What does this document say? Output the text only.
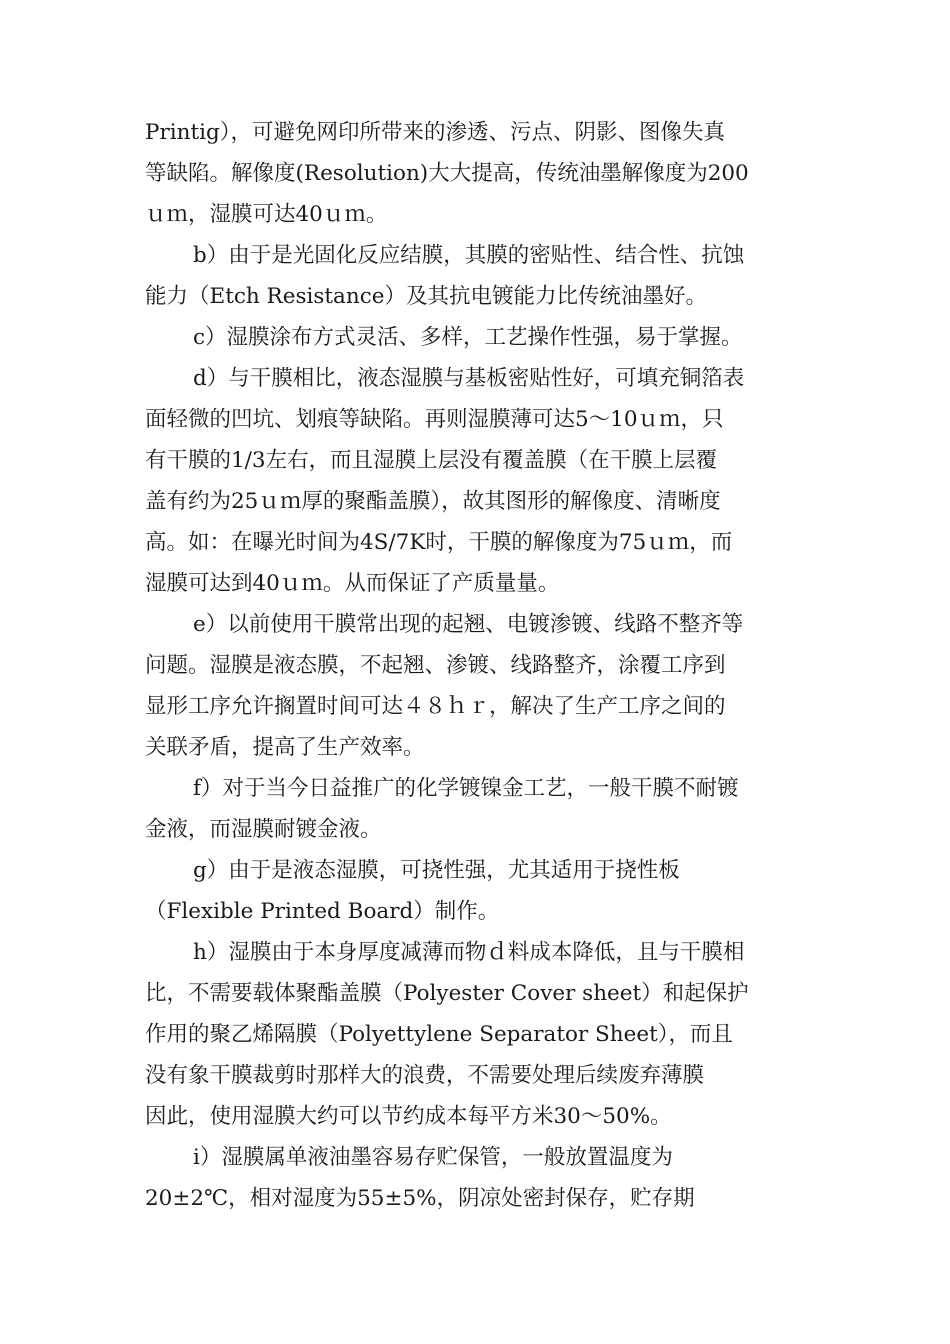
Printig），可避免网印所带来的渗透、污点、阴影、图像失真
等缺陷。解像度(Resolution)大大提高，传统油墨解像度为200
ｕｍ，湿膜可达40ｕｍ。
b）由于是光固化反应结膜，其膜的密贴性、结合性、抗蚀
能力（Etch Resistance）及其抗电镀能力比传统油墨好。
c）湿膜涂布方式灵活、多样，工艺操作性强，易于掌握。
d）与干膜相比，液态湿膜与基板密贴性好，可填充铜箔表
面轻微的凹坑、划痕等缺陷。再则湿膜薄可达5～10ｕｍ，只
有干膜的1/3左右，而且湿膜上层没有覆盖膜（在干膜上层覆
盖有约为25ｕｍ厚的聚酯盖膜），故其图形的解像度、清晰度
高。如：在曝光时间为4S/7K时，干膜的解像度为75ｕｍ，而
湿膜可达到40ｕｍ。从而保证了产质量量。
e）以前使用干膜常出现的起翘、电镀渗镀、线路不整齐等
问题。湿膜是液态膜，不起翘、渗镀、线路整齐，涂覆工序到
显形工序允许搁置时间可达４８ｈｒ，解决了生产工序之间的
关联矛盾，提高了生产效率。
f）对于当今日益推广的化学镀镍金工艺，一般干膜不耐镀
金液，而湿膜耐镀金液。
g）由于是液态湿膜，可挠性强，尤其适用于挠性板
（Flexible Printed Board）制作。
h）湿膜由于本身厚度减薄而物ｄ料成本降低，且与干膜相
比，不需要载体聚酯盖膜（Polyester Cover sheet）和起保护
作用的聚乙烯隔膜（Polyettylene Separator Sheet），而且
没有象干膜裁剪时那样大的浪费，不需要处理后续废弃薄膜
因此，使用湿膜大约可以节约成本每平方米30～50%。
i）湿膜属单液油墨容易存贮保管，一般放置温度为
20±2℃，相对湿度为55±5%，阴凉处密封保存，贮存期
